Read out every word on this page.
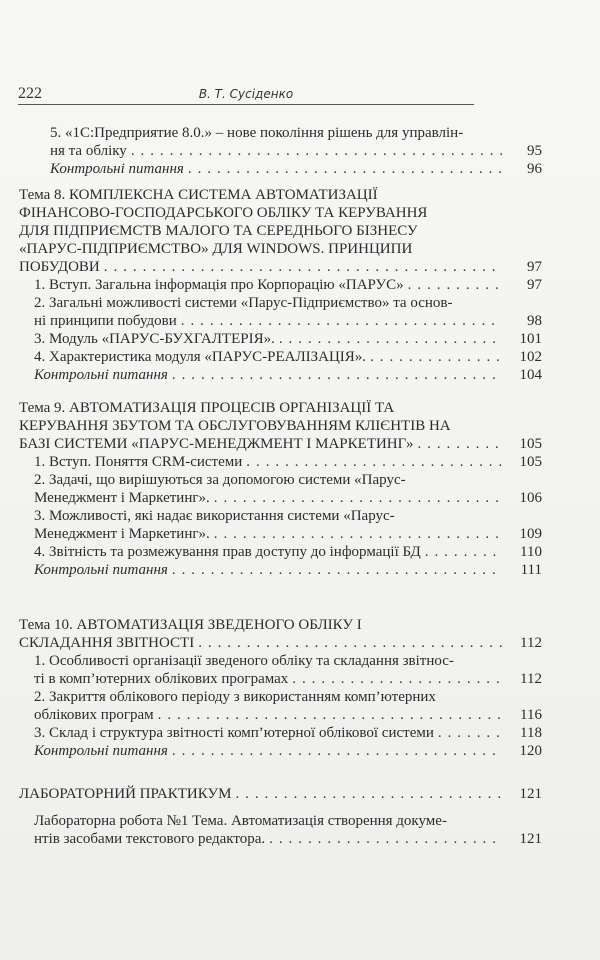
222	В. Т. Сусіденко
5. «1С:Предприятие 8.0.» – нове покоління рішень для управлін-
ня та обліку . . .	95
Контрольні питання . . .	96
Тема 8. КОМПЛЕКСНА СИСТЕМА АВТОМАТИЗАЦІЇ
ФІНАНСОВО-ГОСПОДАРСЬКОГО ОБЛІКУ ТА КЕРУВАННЯ
ДЛЯ ПІДПРИЄМСТВ МАЛОГО ТА СЕРЕДНЬОГО БІЗНЕСУ
«ПАРУС-ПІДПРИЄМСТВО» ДЛЯ WINDOWS. ПРИНЦИПИ
ПОБУДОВИ . . .	97
1. Вступ. Загальна інформація про Корпорацію «ПАРУС» . . .	97
2. Загальні можливості системи «Парус-Підприємство» та основ-
ні принципи побудови . . .	98
3. Модуль «ПАРУС-БУХГАЛТЕРІЯ». . . .	101
4. Характеристика модуля «ПАРУС-РЕАЛІЗАЦІЯ». . . .	102
Контрольні питання . . .	104
Тема 9. АВТОМАТИЗАЦІЯ ПРОЦЕСІВ ОРГАНІЗАЦІЇ ТА
КЕРУВАННЯ ЗБУТОМ ТА ОБСЛУГОВУВАННЯМ КЛІЄНТІВ НА
БАЗІ СИСТЕМИ «ПАРУС-МЕНЕДЖМЕНТ І МАРКЕТИНГ» . . .	105
1. Вступ. Поняття CRM-системи . . .	105
2. Задачі, що вирішуються за допомогою системи «Парус-
Менеджмент і Маркетинг». . . .	106
3. Можливості, які надає використання системи «Парус-
Менеджмент і Маркетинг». . . .	109
4. Звітність та розмежування прав доступу до інформації БД . . .	110
Контрольні питання . . .	111
Тема 10. АВТОМАТИЗАЦІЯ ЗВЕДЕНОГО ОБЛІКУ І
СКЛАДАННЯ ЗВІТНОСТІ . . .	112
1. Особливості організації зведеного обліку та складання звітнос-
ті в комп’ютерних облікових програмах . . .	112
2. Закриття облікового періоду з використанням комп’ютерних
облікових програм . . .	116
3. Склад і структура звітності комп’ютерної облікової системи . . .	118
Контрольні питання . . .	120
ЛАБОРАТОРНИЙ ПРАКТИКУМ . . .	121
Лабораторна робота №1 Тема. Автоматизація створення докуме-
нтів засобами текстового редактора. . . .	121
